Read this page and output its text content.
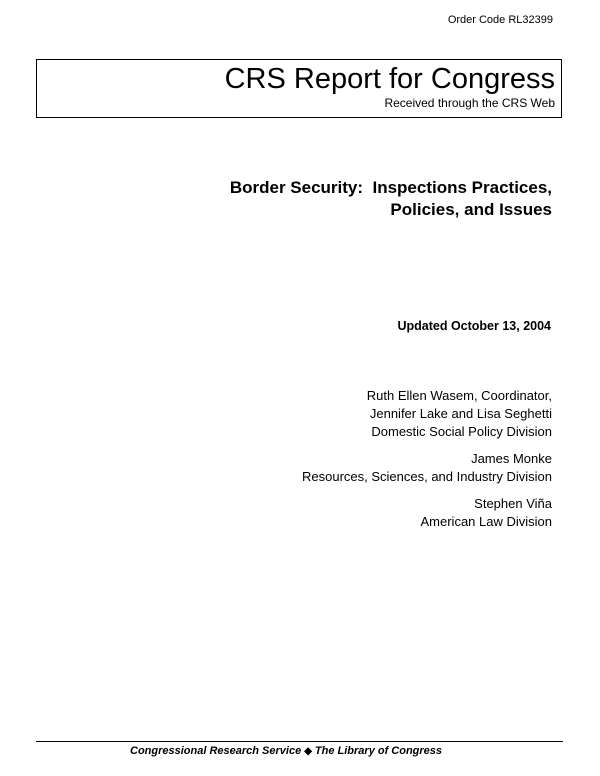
Order Code RL32399
CRS Report for Congress
Received through the CRS Web
Border Security:  Inspections Practices,
Policies, and Issues
Updated October 13, 2004
Ruth Ellen Wasem, Coordinator,
Jennifer Lake and Lisa Seghetti
Domestic Social Policy Division
James Monke
Resources, Sciences, and Industry Division
Stephen Viña
American Law Division
Congressional Research Service ◆ The Library of Congress
